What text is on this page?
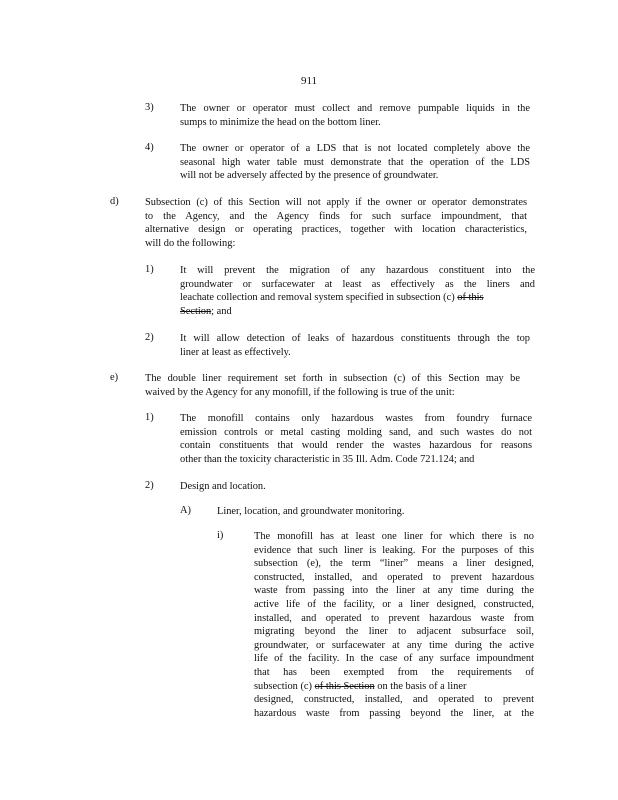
911
3)	The owner or operator must collect and remove pumpable liquids in the
sumps to minimize the head on the bottom liner.
4)	The owner or operator of a LDS that is not located completely above the
seasonal high water table must demonstrate that the operation of the LDS
will not be adversely affected by the presence of groundwater.
d)	Subsection (c) of this Section will not apply if the owner or operator demonstrates
to the Agency, and the Agency finds for such surface impoundment, that
alternative design or operating practices, together with location characteristics,
will do the following:
1)	It will prevent the migration of any hazardous constituent into the
groundwater or surfacewater at least as effectively as the liners and
leachate collection and removal system specified in subsection (c) of this
Section; and
2)	It will allow detection of leaks of hazardous constituents through the top
liner at least as effectively.
e)	The double liner requirement set forth in subsection (c) of this Section may be
waived by the Agency for any monofill, if the following is true of the unit:
1)	The monofill contains only hazardous wastes from foundry furnace
emission controls or metal casting molding sand, and such wastes do not
contain constituents that would render the wastes hazardous for reasons
other than the toxicity characteristic in 35 Ill. Adm. Code 721.124; and
2)	Design and location.
A)	Liner, location, and groundwater monitoring.
i)	The monofill has at least one liner for which there is no
evidence that such liner is leaking. For the purposes of this
subsection (e), the term “liner” means a liner designed,
constructed, installed, and operated to prevent hazardous
waste from passing into the liner at any time during the
active life of the facility, or a liner designed, constructed,
installed, and operated to prevent hazardous waste from
migrating beyond the liner to adjacent subsurface soil,
groundwater, or surfacewater at any time during the active
life of the facility. In the case of any surface impoundment
that has been exempted from the requirements of
subsection (c) of this Section on the basis of a liner
designed, constructed, installed, and operated to prevent
hazardous waste from passing beyond the liner, at the
